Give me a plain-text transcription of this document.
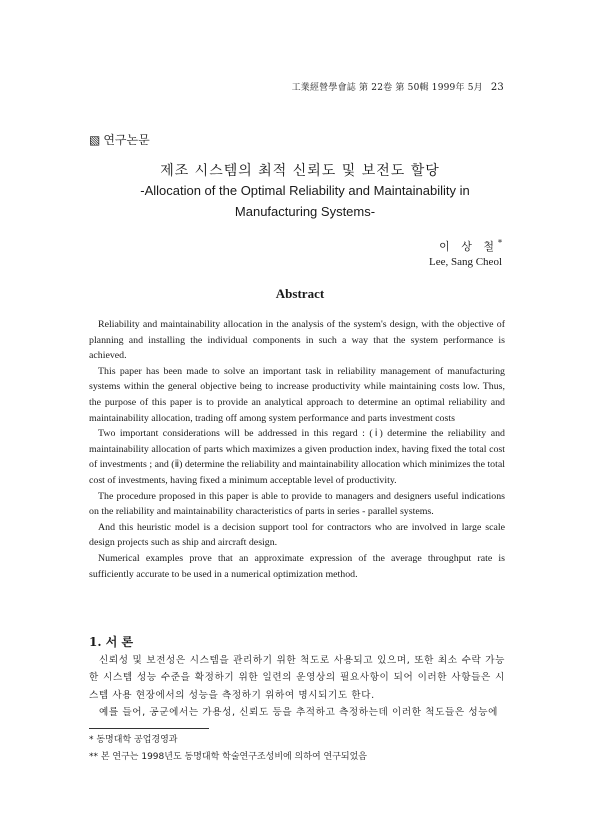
工業經營學會誌 第 22卷 第 50輯 1999年 5月 23
▧ 연구논문
제조 시스템의 최적 신뢰도 및 보전도 할당
-Allocation of the Optimal Reliability and Maintainability in
Manufacturing Systems-
이 상 철*
Lee, Sang Cheol
Abstract

Reliability and maintainability allocation in the analysis of the system's design, with the objective of planning and installing the individual components in such a way that the system performance is achieved.

This paper has been made to solve an important task in reliability management of manufacturing systems within the general objective being to increase productivity while maintaining costs low. Thus, the purpose of this paper is to provide an analytical approach to determine an optimal reliability and maintainability allocation, trading off among system performance and parts investment costs

Two important considerations will be addressed in this regard : (ⅰ) determine the reliability and maintainability allocation of parts which maximizes a given production index, having fixed the total cost of investments ; and (ⅱ) determine the reliability and maintainability allocation which minimizes the total cost of investments, having fixed a minimum acceptable level of productivity.

The procedure proposed in this paper is able to provide to managers and designers useful indications on the reliability and maintainability characteristics of parts in series - parallel systems.

And this heuristic model is a decision support tool for contractors who are involved in large scale design projects such as ship and aircraft design.

Numerical examples prove that an approximate expression of the average throughput rate is sufficiently accurate to be used in a numerical optimization method.

1. 서 론

신뢰성 및 보전성은 시스템을 관리하기 위한 척도로 사용되고 있으며, 또한 최소 수락 가능한 시스템 성능 수준을 확정하기 위한 일련의 운영상의 필요사항이 되어 이러한 사항들은 시스템 사용 현장에서의 성능을 측정하기 위하여 명시되기도 한다.

예를 들어, 공군에서는 가용성, 신뢰도 등을 추적하고 측정하는데 이러한 척도들은 성능에

* 동명대학 공업경영과
** 본 연구는 1998년도 동명대학 학술연구조성비에 의하여 연구되었음
